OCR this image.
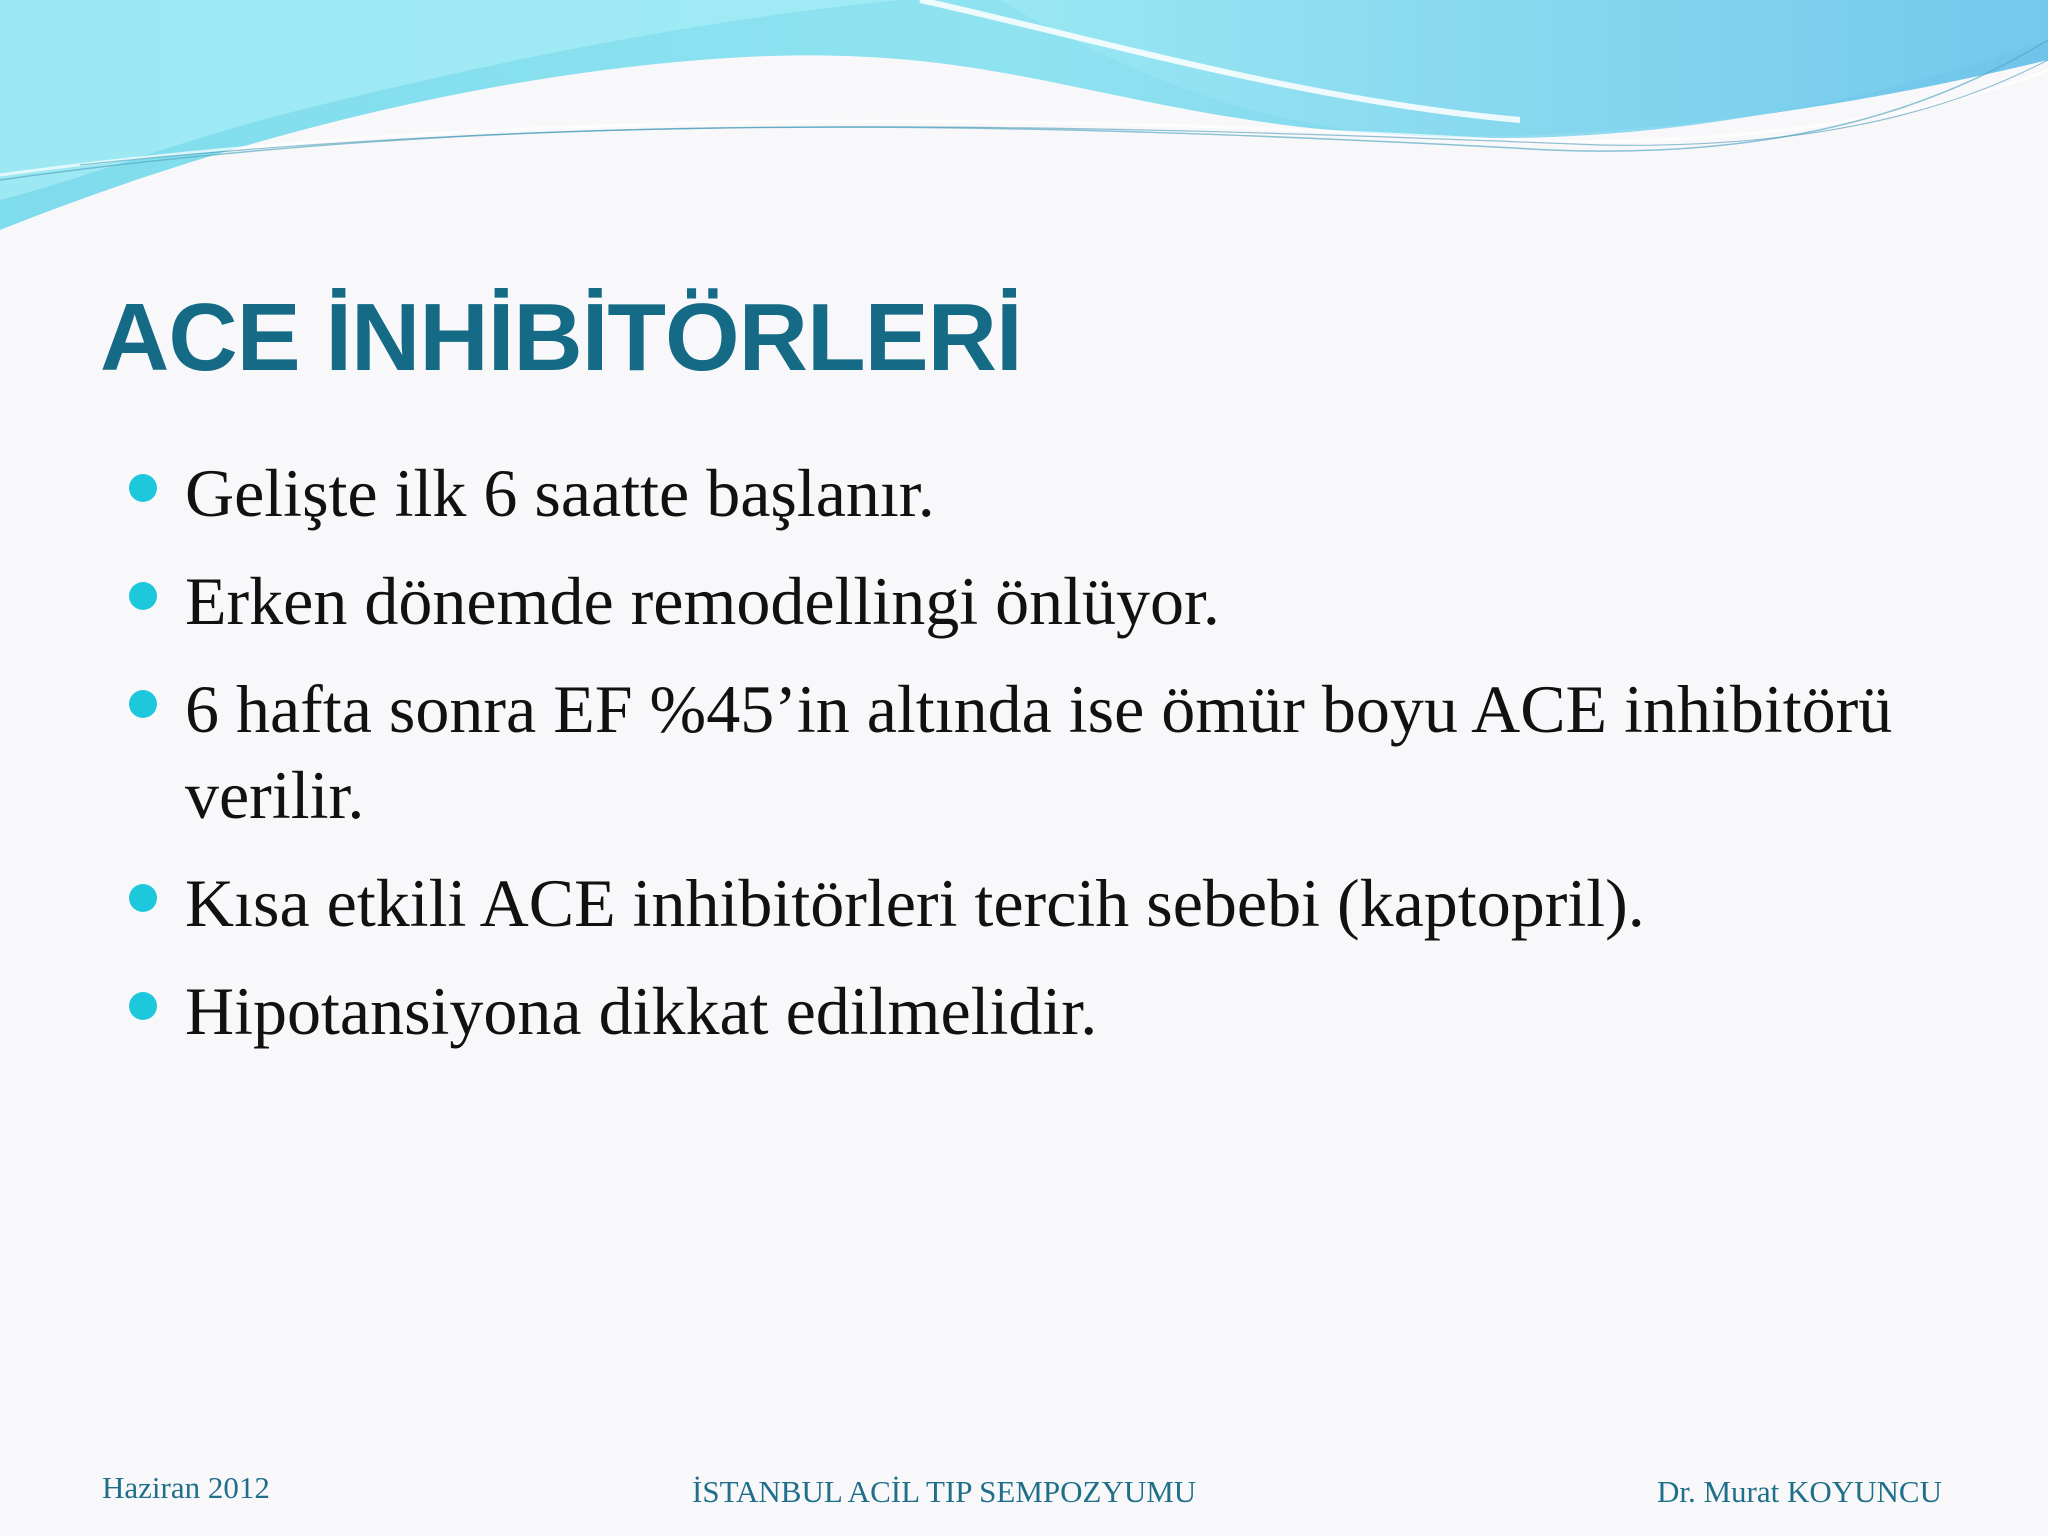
ACE İNHİBİTÖRLERİ
Gelişte ilk 6 saatte başlanır.
Erken dönemde remodellingi önlüyor.
6 hafta sonra EF %45’in altında ise ömür boyu ACE inhibitörü verilir.
Kısa etkili ACE inhibitörleri tercih sebebi (kaptopril).
Hipotansiyona dikkat edilmelidir.
Haziran 2012	İSTANBUL ACİL TIP SEMPOZYUMU	Dr. Murat KOYUNCU
